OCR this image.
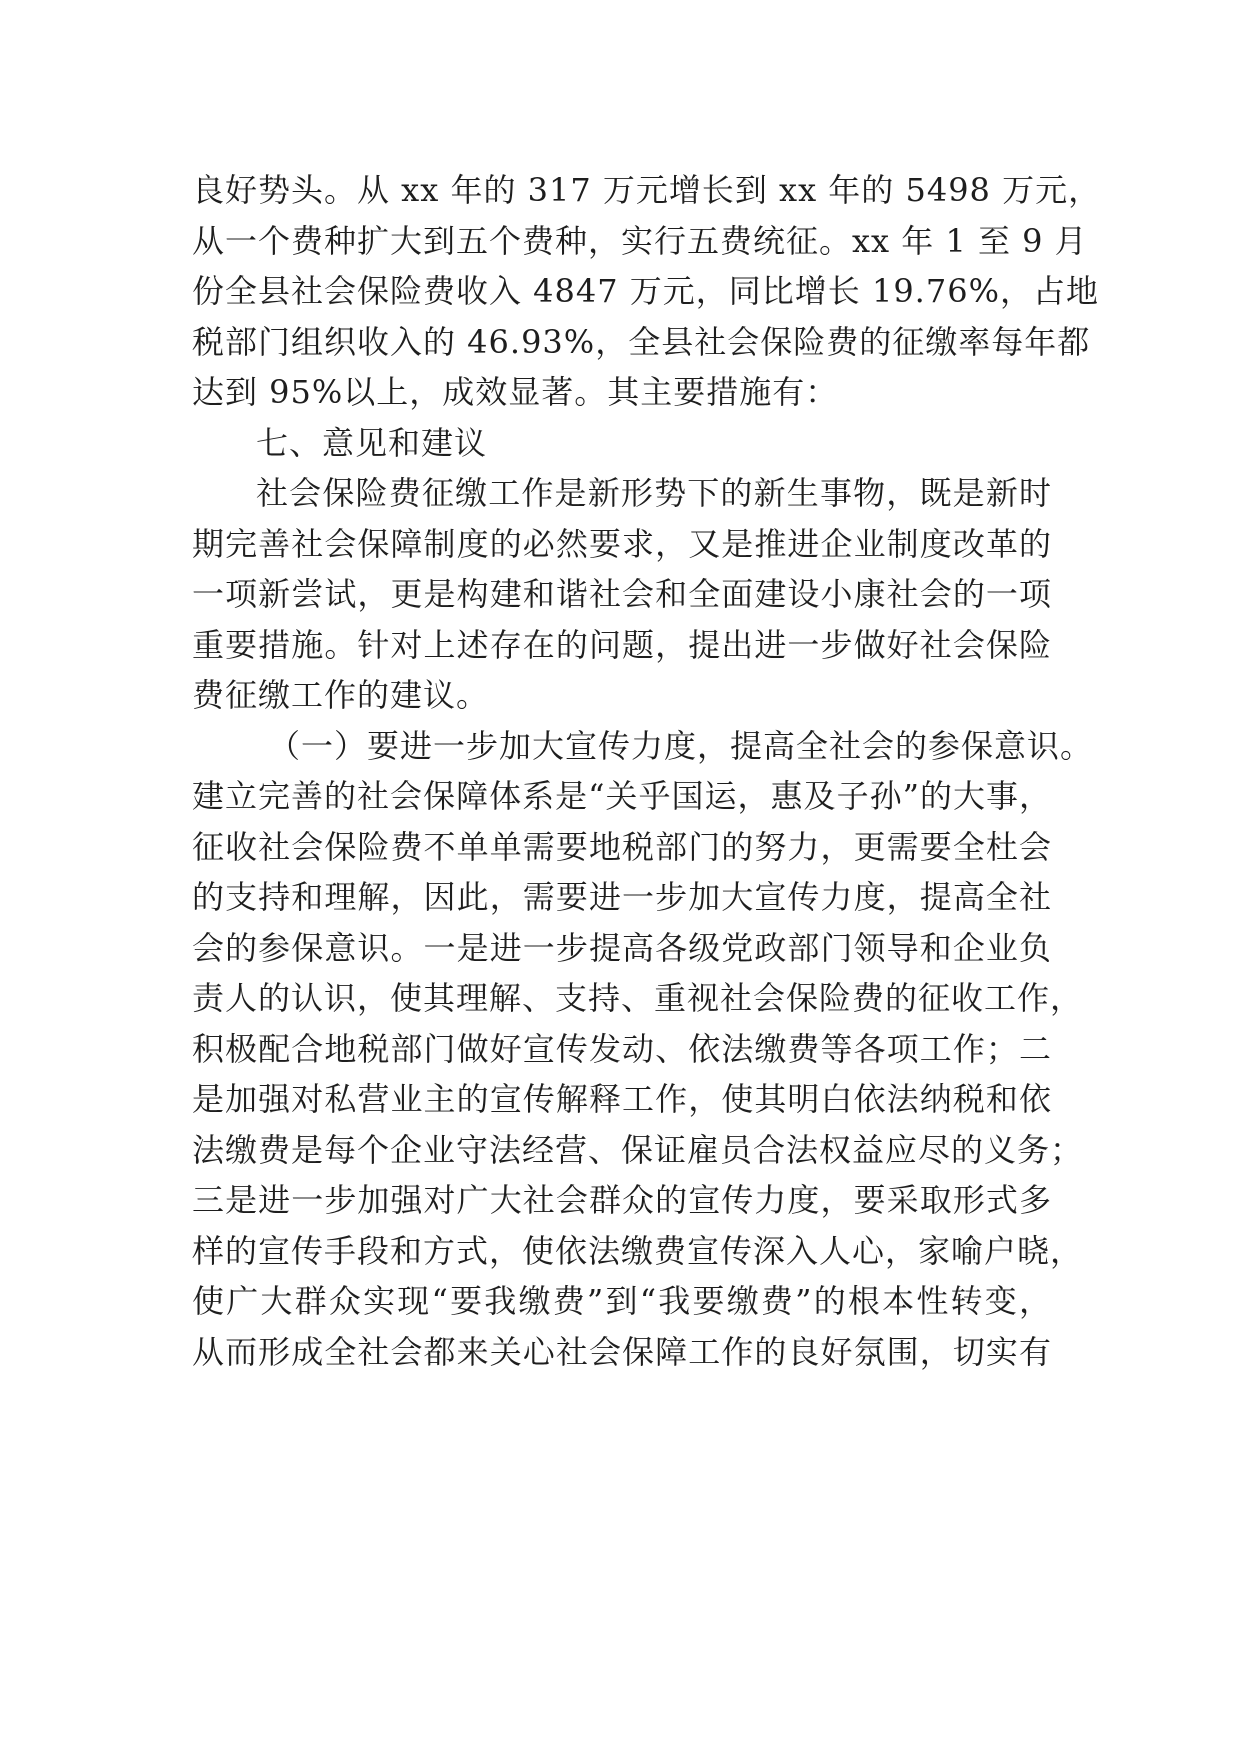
良好势头。从 xx 年的 317 万元增长到 xx 年的 5498 万元，
从一个费种扩大到五个费种，实行五费统征。xx 年 1 至 9 月
份全县社会保险费收入 4847 万元，同比增长 19.76%，占地
税部门组织收入的 46.93%，全县社会保险费的征缴率每年都
达到 95%以上，成效显著。其主要措施有：
七、意见和建议
社会保险费征缴工作是新形势下的新生事物，既是新时
期完善社会保障制度的必然要求，又是推进企业制度改革的
一项新尝试，更是构建和谐社会和全面建设小康社会的一项
重要措施。针对上述存在的问题，提出进一步做好社会保险
费征缴工作的建议。
（一）要进一步加大宣传力度，提高全社会的参保意识。
建立完善的社会保障体系是“关乎国运，惠及子孙”的大事，
征收社会保险费不单单需要地税部门的努力，更需要全杜会
的支持和理解，因此，需要进一步加大宣传力度，提高全社
会的参保意识。一是进一步提高各级党政部门领导和企业负
责人的认识，使其理解、支持、重视社会保险费的征收工作，
积极配合地税部门做好宣传发动、依法缴费等各项工作；二
是加强对私营业主的宣传解释工作，使其明白依法纳税和依
法缴费是每个企业守法经营、保证雇员合法权益应尽的义务；
三是进一步加强对广大社会群众的宣传力度，要采取形式多
样的宣传手段和方式，使依法缴费宣传深入人心，家喻户晓，
使广大群众实现“要我缴费”到“我要缴费”的根本性转变，
从而形成全社会都来关心社会保障工作的良好氛围，切实有
